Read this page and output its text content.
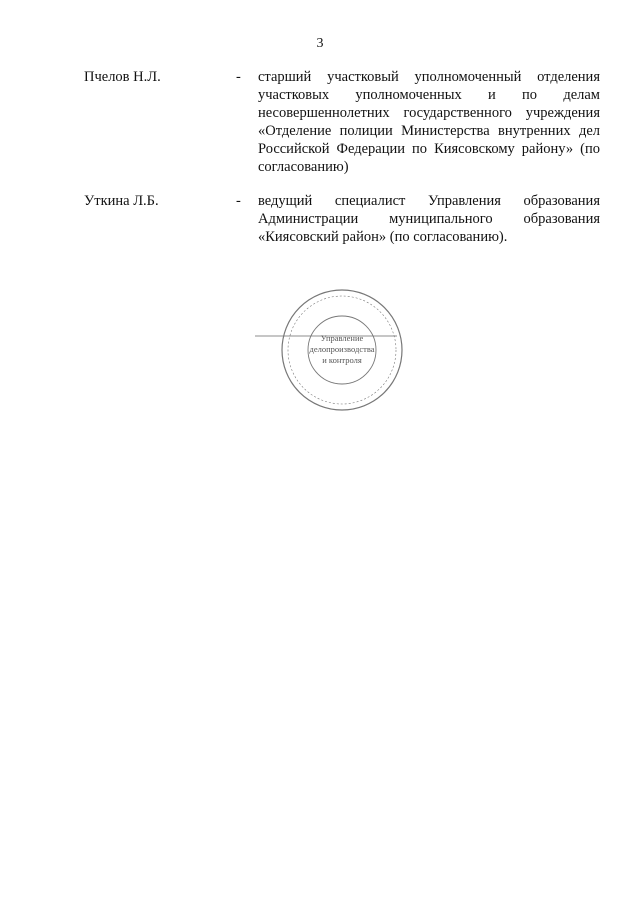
3
Пчелов Н.Л.	- старший участковый уполномоченный отделения участковых уполномоченных и по делам несовершеннолетних государственного учреждения «Отделение полиции Министерства внутренних дел Российской Федерации по Киясовскому району» (по согласованию)
Уткина Л.Б.	- ведущий специалист Управления образования Администрации муниципального образования «Киясовский район» (по согласованию).
Управление
делопроизводства
и контроля
